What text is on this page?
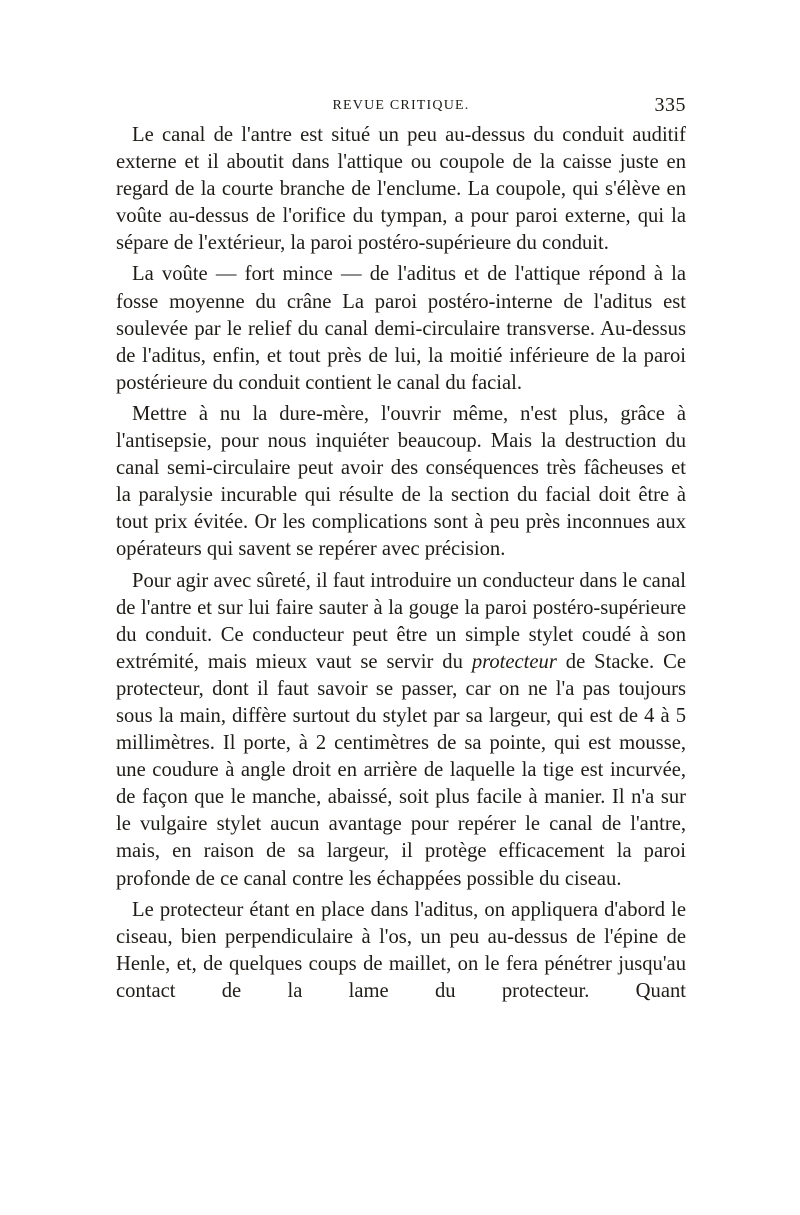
REVUE CRITIQUE.	335

Le canal de l'antre est situé un peu au-dessus du conduit auditif externe et il aboutit dans l'attique ou coupole de la caisse juste en regard de la courte branche de l'enclume. La coupole, qui s'élève en voûte au-dessus de l'orifice du tympan, a pour paroi externe, qui la sépare de l'extérieur, la paroi postéro-supérieure du conduit.

La voûte — fort mince — de l'aditus et de l'attique répond à la fosse moyenne du crâne La paroi postéro-interne de l'aditus est soulevée par le relief du canal demi-circulaire transverse. Au-dessus de l'aditus, enfin, et tout près de lui, la moitié inférieure de la paroi postérieure du conduit contient le canal du facial.

Mettre à nu la dure-mère, l'ouvrir même, n'est plus, grâce à l'antisepsie, pour nous inquiéter beaucoup. Mais la destruction du canal semi-circulaire peut avoir des conséquences très fâcheuses et la paralysie incurable qui résulte de la section du facial doit être à tout prix évitée. Or les complications sont à peu près inconnues aux opérateurs qui savent se repérer avec précision.

Pour agir avec sûreté, il faut introduire un conducteur dans le canal de l'antre et sur lui faire sauter à la gouge la paroi postéro-supérieure du conduit. Ce conducteur peut être un simple stylet coudé à son extrémité, mais mieux vaut se servir du protecteur de Stacke. Ce protecteur, dont il faut savoir se passer, car on ne l'a pas toujours sous la main, diffère surtout du stylet par sa largeur, qui est de 4 à 5 millimètres. Il porte, à 2 centimètres de sa pointe, qui est mousse, une coudure à angle droit en arrière de laquelle la tige est incurvée, de façon que le manche, abaissé, soit plus facile à manier. Il n'a sur le vulgaire stylet aucun avantage pour repérer le canal de l'antre, mais, en raison de sa largeur, il protège efficacement la paroi profonde de ce canal contre les échappées possible du ciseau.

Le protecteur étant en place dans l'aditus, on appliquera d'abord le ciseau, bien perpendiculaire à l'os, un peu au-dessus de l'épine de Henle, et, de quelques coups de maillet, on le fera pénétrer jusqu'au contact de la lame du protecteur. Quant
